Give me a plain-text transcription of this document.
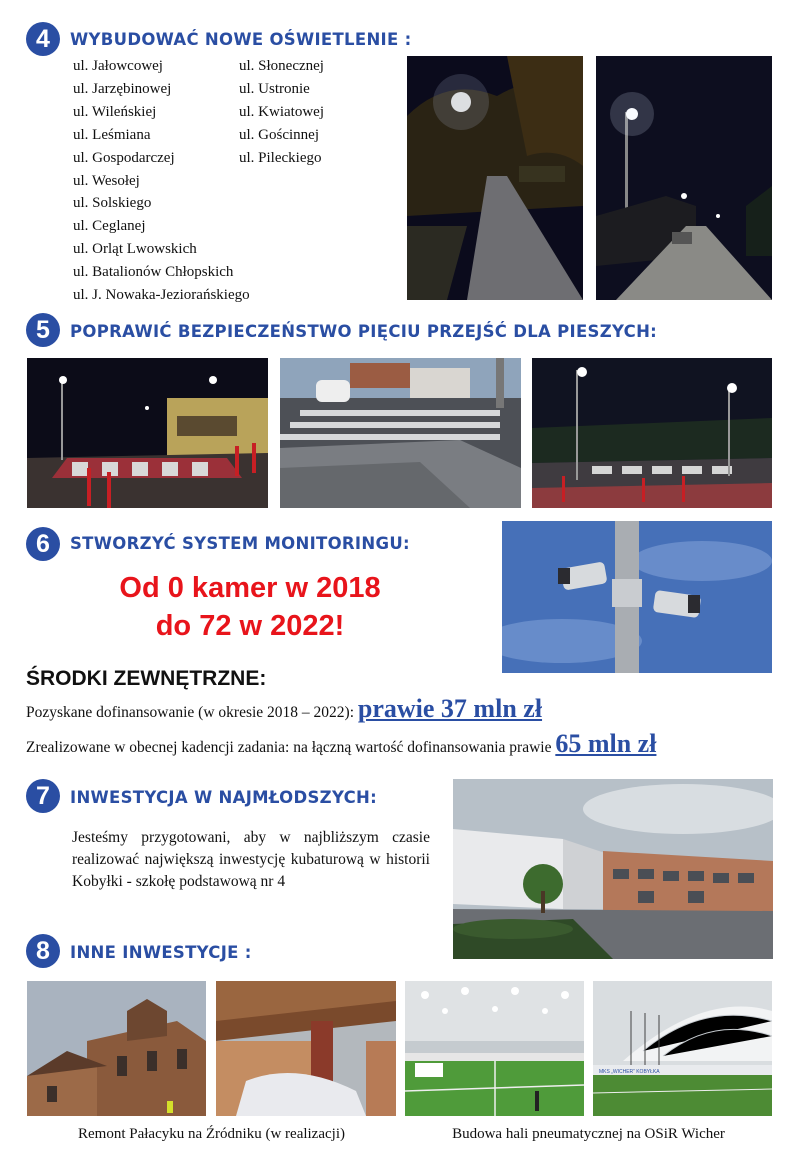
4	WYBUDOWAĆ NOWE OŚWIETLENIE :
ul. Jałowcowej
ul. Jarzębinowej
ul. Wileńskiej
ul. Leśmiana
ul. Gospodarczej
ul. Wesołej
ul. Solskiego
ul. Ceglanej
ul. Orląt Lwowskich
ul. Batalionów Chłopskich
ul. J. Nowaka-Jeziorańskiego
ul. Słonecznej
ul. Ustronie
ul. Kwiatowej
ul. Gościnnej
ul. Pileckiego
5	POPRAWIĆ BEZPIECZEŃSTWO PIĘCIU PRZEJŚĆ DLA PIESZYCH:
6	STWORZYĆ SYSTEM MONITORINGU:
Od 0 kamer w 2018
do 72 w 2022!
ŚRODKI ZEWNĘTRZNE:
Pozyskane dofinansowanie (w okresie 2018 – 2022): prawie 37 mln zł
Zrealizowane w obecnej kadencji zadania: na łączną wartość dofinansowania prawie 65 mln zł
7	INWESTYCJA W NAJMŁODSZYCH:
Jesteśmy przygotowani, aby w najbliższym czasie realizować największą inwestycję kubaturową w historii Kobyłki - szkołę podstawową nr 4
8	INNE INWESTYCJE :
MKS „WICHER” KOBYŁKA
Remont Pałacyku na Źródniku (w realizacji)	Budowa hali pneumatycznej na OSiR Wicher
